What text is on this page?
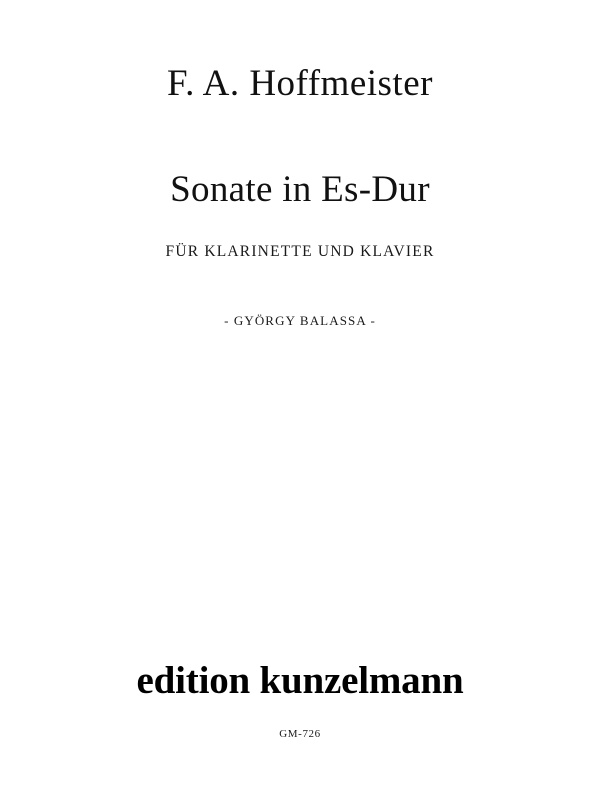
F. A. Hoffmeister
Sonate in Es-Dur
FÜR KLARINETTE UND KLAVIER
- GYÖRGY BALASSA -
edition kunzelmann
GM-726
